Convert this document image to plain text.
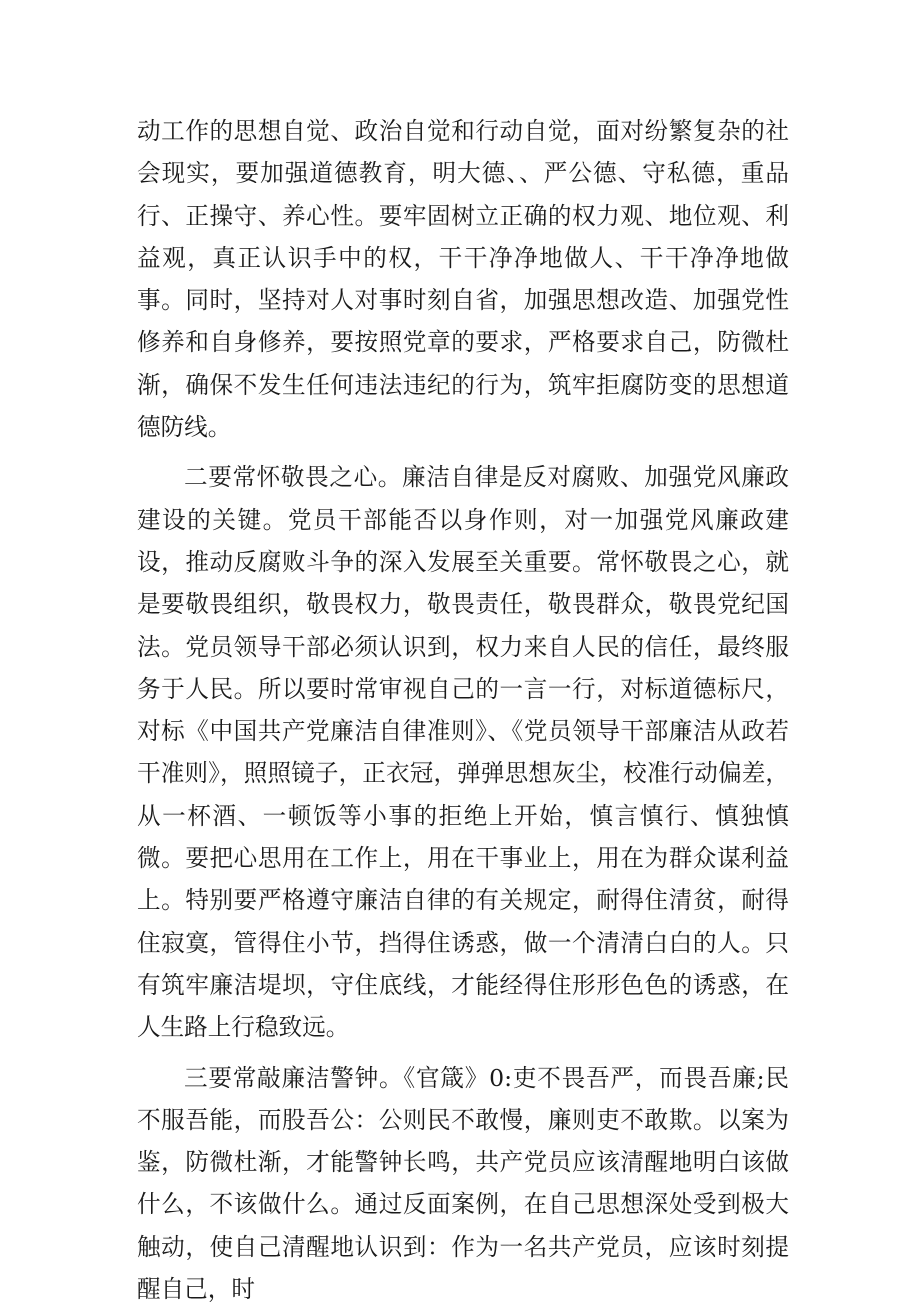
动工作的思想自觉、政治自觉和行动自觉，面对纷繁复杂的社会现实，要加强道德教育，明大德、、严公德、守私德，重品行、正操守、养心性。要牢固树立正确的权力观、地位观、利益观，真正认识手中的权，干干净净地做人、干干净净地做事。同时，坚持对人对事时刻自省，加强思想改造、加强党性修养和自身修养，要按照党章的要求，严格要求自己，防微杜渐，确保不发生任何违法违纪的行为，筑牢拒腐防变的思想道德防线。

二要常怀敬畏之心。廉洁自律是反对腐败、加强党风廉政建设的关键。党员干部能否以身作则，对一加强党风廉政建设，推动反腐败斗争的深入发展至关重要。常怀敬畏之心，就是要敬畏组织，敬畏权力，敬畏责任，敬畏群众，敬畏党纪国法。党员领导干部必须认识到，权力来自人民的信任，最终服务于人民。所以要时常审视自己的一言一行，对标道德标尺，对标《中国共产党廉洁自律准则》、《党员领导干部廉洁从政若干准则》，照照镜子，正衣冠，弹弹思想灰尘，校准行动偏差，从一杯酒、一顿饭等小事的拒绝上开始，慎言慎行、慎独慎微。要把心思用在工作上，用在干事业上，用在为群众谋利益上。特别要严格遵守廉洁自律的有关规定，耐得住清贫，耐得住寂寞，管得住小节，挡得住诱惑，做一个清清白白的人。只有筑牢廉洁堤坝，守住底线，才能经得住形形色色的诱惑，在人生路上行稳致远。

三要常敲廉洁警钟。《官箴》0:吏不畏吾严，而畏吾廉;民不服吾能，而股吾公：公则民不敢慢，廉则吏不敢欺。以案为鉴，防微杜渐，才能警钟长鸣，共产党员应该清醒地明白该做什么，不该做什么。通过反面案例，在自己思想深处受到极大触动，使自己清醒地认识到：作为一名共产党员，应该时刻提醒自己，时
